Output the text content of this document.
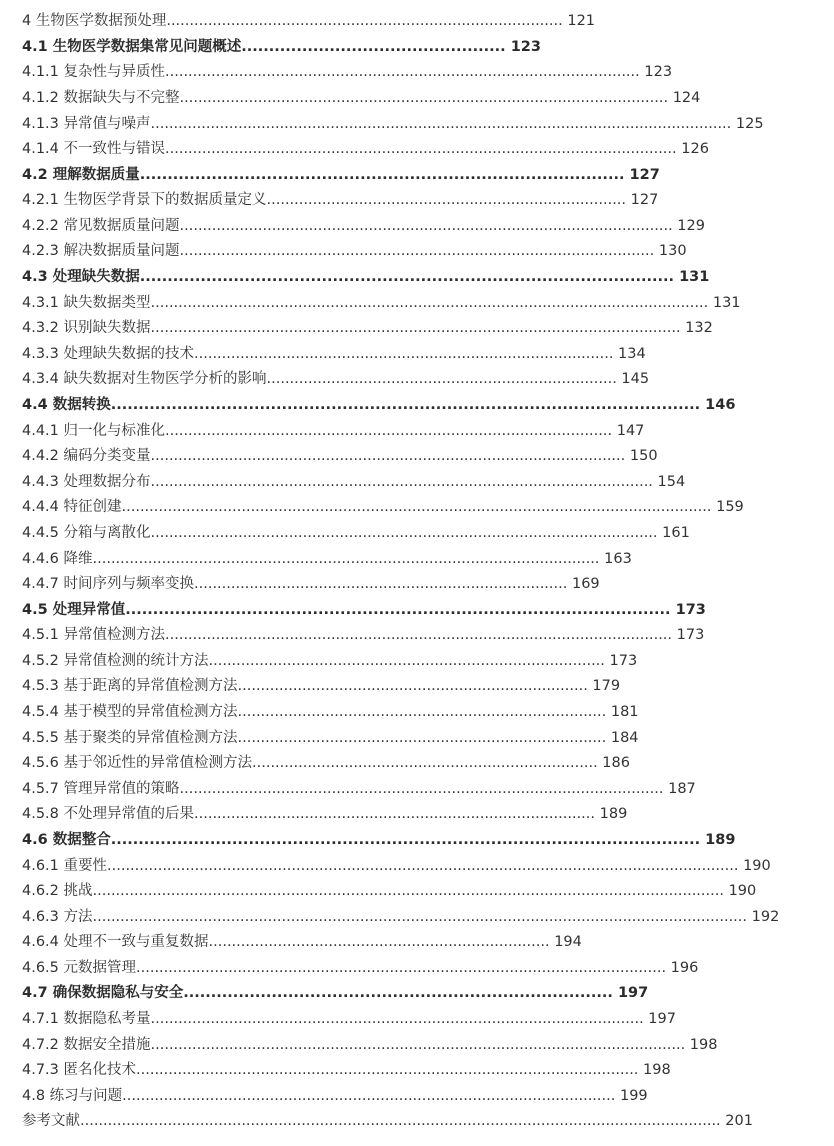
4 生物医学数据预处理...................................................................................... 121
4.1 生物医学数据集常见问题概述................................................ 123
4.1.1 复杂性与异质性....................................................................................................... 123
4.1.2 数据缺失与不完整.......................................................................................................... 124
4.1.3 异常值与噪声.............................................................................................................................. 125
4.1.4 不一致性与错误............................................................................................................... 126
4.2 理解数据质量........................................................................................ 127
4.2.1 生物医学背景下的数据质量定义.............................................................................. 127
4.2.2 常见数据质量问题........................................................................................................... 129
4.2.3 解决数据质量问题....................................................................................................... 130
4.3 处理缺失数据................................................................................................. 131
4.3.1 缺失数据类型......................................................................................................................... 131
4.3.2 识别缺失数据................................................................................................................... 132
4.3.3 处理缺失数据的技术........................................................................................... 134
4.3.4 缺失数据对生物医学分析的影响............................................................................ 145
4.4 数据转换........................................................................................................... 146
4.4.1 归一化与标准化................................................................................................. 147
4.4.2 编码分类变量....................................................................................................... 150
4.4.3 处理数据分布............................................................................................................. 154
4.4.4 特征创建................................................................................................................................ 159
4.4.5 分箱与离散化.............................................................................................................. 161
4.4.6 降维.............................................................................................................. 163
4.4.7 时间序列与频率变换................................................................................. 169
4.5 处理异常值................................................................................................... 173
4.5.1 异常值检测方法.............................................................................................................. 173
4.5.2 异常值检测的统计方法...................................................................................... 173
4.5.3 基于距离的异常值检测方法............................................................................ 179
4.5.4 基于模型的异常值检测方法................................................................................ 181
4.5.5 基于聚类的异常值检测方法................................................................................ 184
4.5.6 基于邻近性的异常值检测方法........................................................................... 186
4.5.7 管理异常值的策略......................................................................................................... 187
4.5.8 不处理异常值的后果....................................................................................... 189
4.6 数据整合........................................................................................................... 189
4.6.1 重要性......................................................................................................................................... 190
4.6.2 挑战......................................................................................................................................... 190
4.6.3 方法.............................................................................................................................................. 192
4.6.4 处理不一致与重复数据.......................................................................... 194
4.6.5 元数据管理................................................................................................................... 196
4.7 确保数据隐私与安全.............................................................................. 197
4.7.1 数据隐私考量........................................................................................................... 197
4.7.2 数据安全措施.................................................................................................................... 198
4.7.3 匿名化技术............................................................................................................. 198
4.8 练习与问题........................................................................................................... 199
参考文献........................................................................................................................................... 201
